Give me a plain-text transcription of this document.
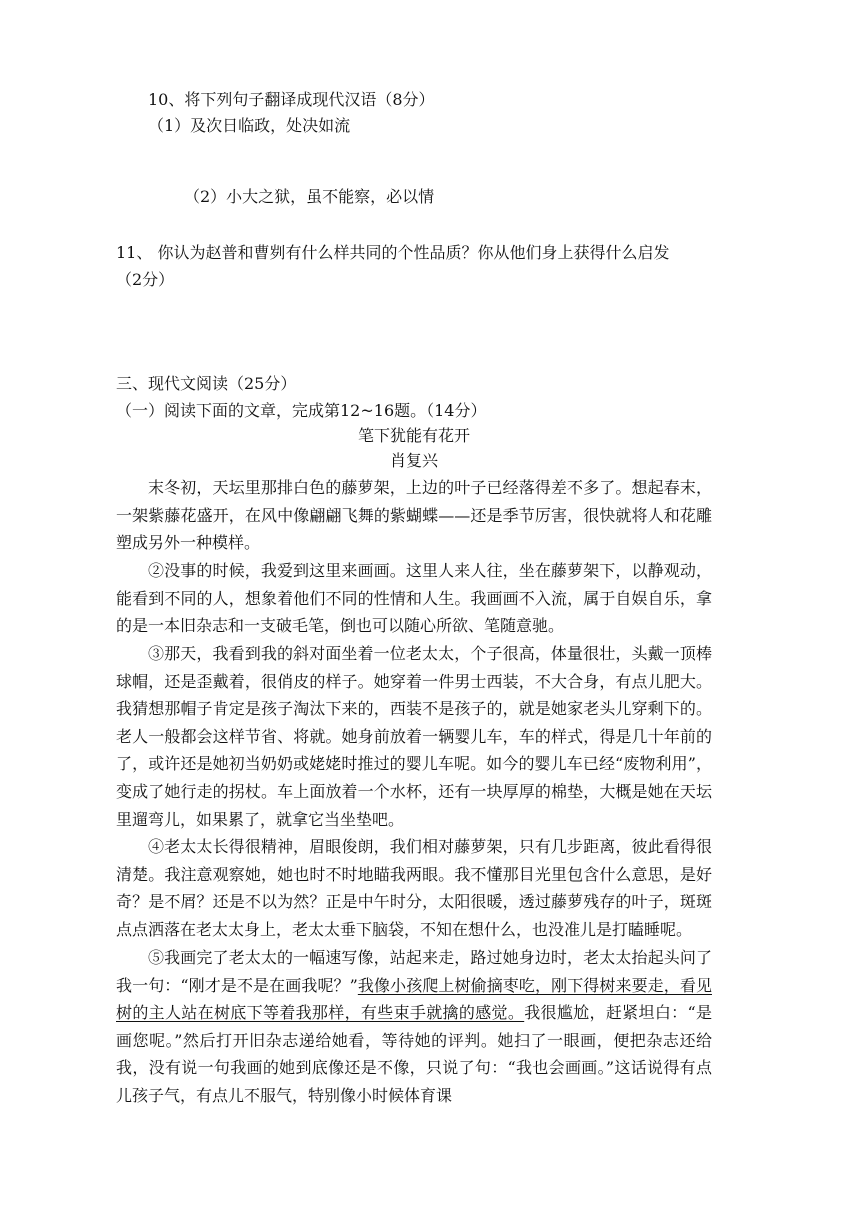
10、将下列句子翻译成现代汉语（8分）
（1）及次日临政，处决如流
（2）小大之狱，虽不能察，必以情
11、 你认为赵普和曹刿有什么样共同的个性品质？你从他们身上获得什么启发
（2分）
三、现代文阅读（25分）
（一）阅读下面的文章，完成第12~16题。（14分）
笔下犹能有花开
肖复兴
末冬初，天坛里那排白色的藤萝架，上边的叶子已经落得差不多了。想起春末，一架紫藤花盛开，在风中像翩翩飞舞的紫蝴蝶——还是季节厉害，很快就将人和花雕塑成另外一种模样。
②没事的时候，我爱到这里来画画。这里人来人往，坐在藤萝架下，以静观动，能看到不同的人，想象着他们不同的性情和人生。我画画不入流，属于自娱自乐，拿的是一本旧杂志和一支破毛笔，倒也可以随心所欲、笔随意驰。
③那天，我看到我的斜对面坐着一位老太太，个子很高，体量很壮，头戴一顶棒球帽，还是歪戴着，很俏皮的样子。她穿着一件男士西装，不大合身，有点儿肥大。我猜想那帽子肯定是孩子淘汰下来的，西装不是孩子的，就是她家老头儿穿剩下的。老人一般都会这样节省、将就。她身前放着一辆婴儿车，车的样式，得是几十年前的了，或许还是她初当奶奶或姥姥时推过的婴儿车呢。如今的婴儿车已经“废物利用”，变成了她行走的拐杖。车上面放着一个水杯，还有一块厚厚的棉垫，大概是她在天坛里遛弯儿，如果累了，就拿它当坐垫吧。
④老太太长得很精神，眉眼俊朗，我们相对藤萝架，只有几步距离，彼此看得很清楚。我注意观察她，她也时不时地瞄我两眼。我不懂那目光里包含什么意思，是好奇？是不屑？还是不以为然？正是中午时分，太阳很暖，透过藤萝残存的叶子，斑斑点点洒落在老太太身上，老太太垂下脑袋，不知在想什么，也没准儿是打瞌睡呢。
⑤我画完了老太太的一幅速写像，站起来走，路过她身边时，老太太抬起头问了我一句：“刚才是不是在画我呢？”我像小孩爬上树偷摘枣吃，刚下得树来要走，看见树的主人站在树底下等着我那样，有些束手就擒的感觉。我很尴尬，赶紧坦白：“是画您呢。”然后打开旧杂志递给她看，等待她的评判。她扫了一眼画，便把杂志还给我，没有说一句我画的她到底像还是不像，只说了句：“我也会画画。”这话说得有点儿孩子气，有点儿不服气，特别像小时候体育课
